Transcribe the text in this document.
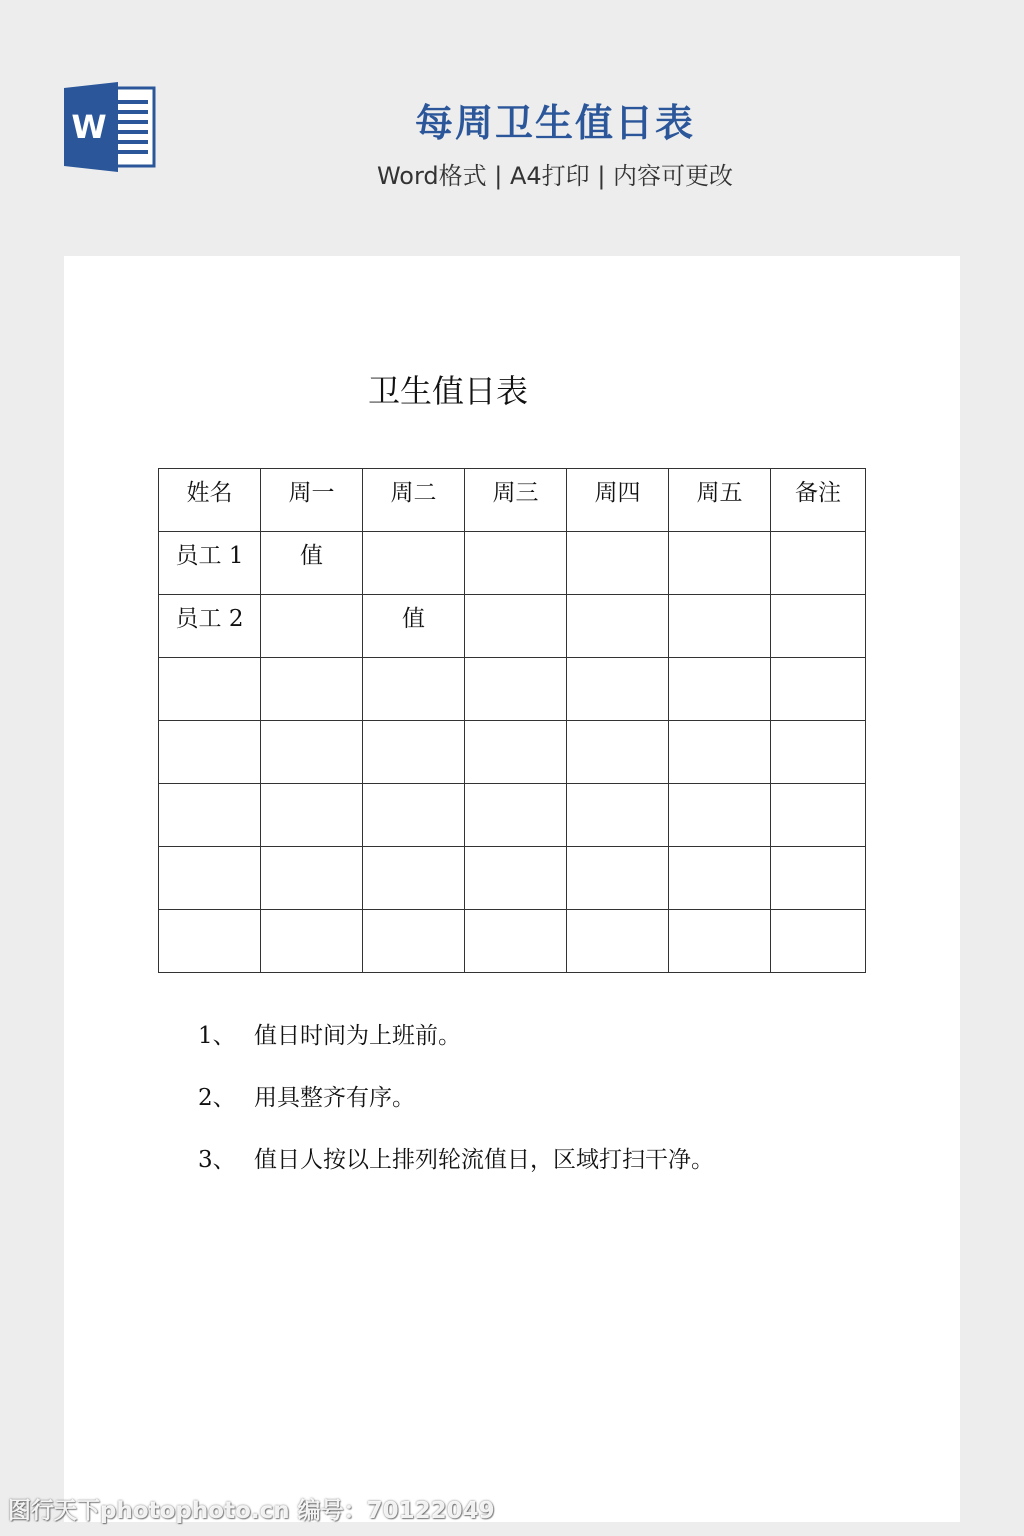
W	每周卫生值日表
Word格式 | A4打印 | 内容可更改
卫生值日表
姓名	周一	周二	周三	周四	周五	备注
员工 1	值					
员工 2		值				

1、 值日时间为上班前。
2、 用具整齐有序。
3、 值日人按以上排列轮流值日，区域打扫干净。
图行天下photophoto.cn 编号：70122049
